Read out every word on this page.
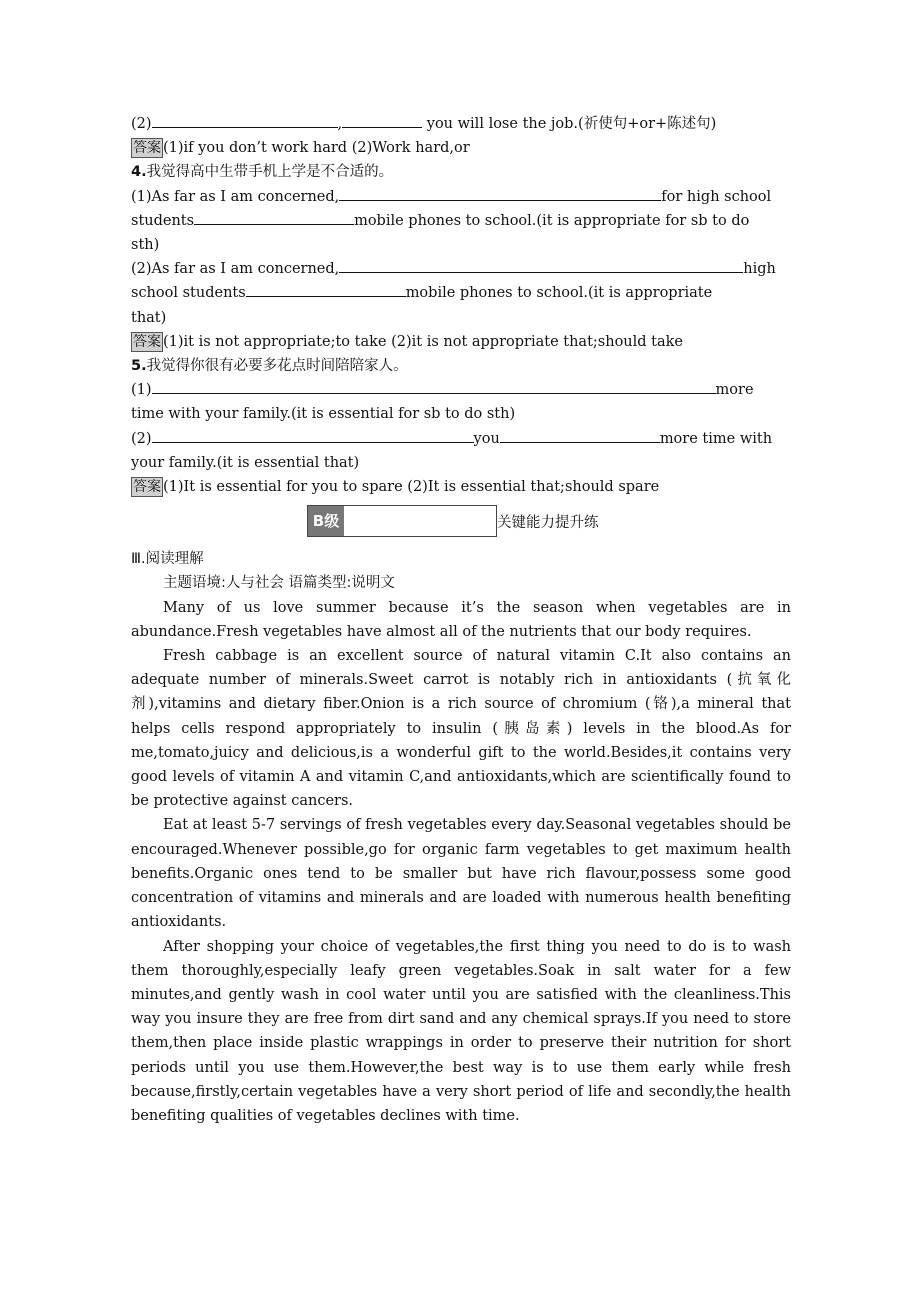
(2)	,	you will lose the job.(祈使句+or+陈述句)
答案 (1)if you don’t work hard (2)Work hard,or
4.我觉得高中生带手机上学是不合适的。
(1)As far as I am concerned,	for high school
students	mobile phones to school.(it is appropriate for sb to do
sth)
(2)As far as I am concerned,	high
school students	mobile phones to school.(it is appropriate
that)
答案 (1)it is not appropriate;to take (2)it is not appropriate that;should take
5.我觉得你很有必要多花点时间陪陪家人。
(1)	more
time with your family.(it is essential for sb to do sth)
(2)	you	more time with
your family.(it is essential that)
答案 (1)It is essential for you to spare (2)It is essential that;should spare
B级	关键能力提升练
Ⅲ.阅读理解
主题语境:人与社会 语篇类型:说明文
Many of us love summer because it’s the season when vegetables are in abundance.Fresh vegetables have almost all of the nutrients that our body requires.
Fresh cabbage is an excellent source of natural vitamin C.It also contains an adequate number of minerals.Sweet carrot is notably rich in antioxidants (抗氧化剂),vitamins and dietary fiber.Onion is a rich source of chromium (铬),a mineral that helps cells respond appropriately to insulin (胰岛素) levels in the blood.As for me,tomato,juicy and delicious,is a wonderful gift to the world.Besides,it contains very good levels of vitamin A and vitamin C,and antioxidants,which are scientifically found to be protective against cancers.
Eat at least 5-7 servings of fresh vegetables every day.Seasonal vegetables should be encouraged.Whenever possible,go for organic farm vegetables to get maximum health benefits.Organic ones tend to be smaller but have rich flavour,possess some good concentration of vitamins and minerals and are loaded with numerous health benefiting antioxidants.
After shopping your choice of vegetables,the first thing you need to do is to wash them thoroughly,especially leafy green vegetables.Soak in salt water for a few minutes,and gently wash in cool water until you are satisfied with the cleanliness.This way you insure they are free from dirt sand and any chemical sprays.If you need to store them,then place inside plastic wrappings in order to preserve their nutrition for short periods until you use them.However,the best way is to use them early while fresh because,firstly,certain vegetables have a very short period of life and secondly,the health benefiting qualities of vegetables declines with time.
